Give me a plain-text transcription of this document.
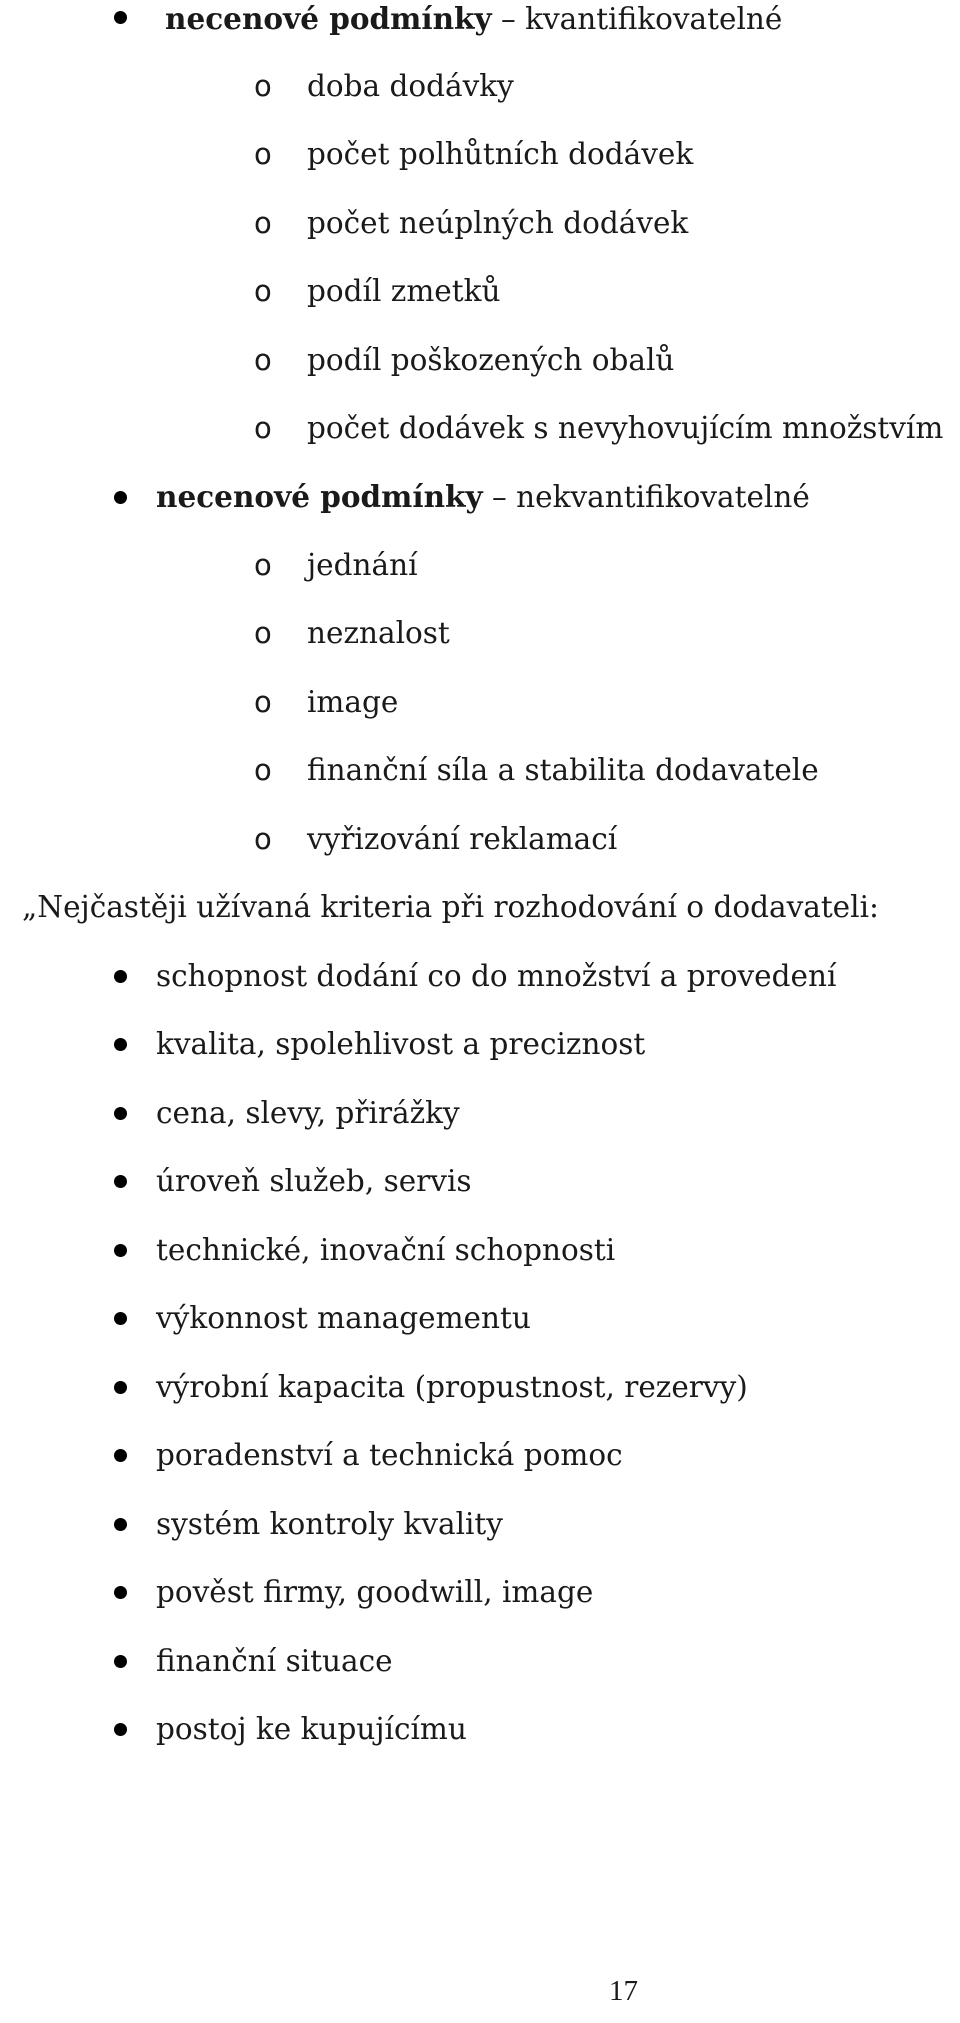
necenové podmínky – kvantifikovatelné
o doba dodávky
o počet polhůtních dodávek
o počet neúplných dodávek
o podíl zmetků
o podíl poškozených obalů
o počet dodávek s nevyhovujícím množstvím
necenové podmínky – nekvantifikovatelné
o jednání
o neznalost
o image
o finanční síla a stabilita dodavatele
o vyřizování reklamací
„Nejčastěji užívaná kriteria při rozhodování o dodavateli:
schopnost dodání co do množství a provedení
kvalita, spolehlivost a preciznost
cena, slevy, přirážky
úroveň služeb, servis
technické, inovační schopnosti
výkonnost managementu
výrobní kapacita (propustnost, rezervy)
poradenství a technická pomoc
systém kontroly kvality
pověst firmy, goodwill, image
finanční situace
postoj ke kupujícímu
17
